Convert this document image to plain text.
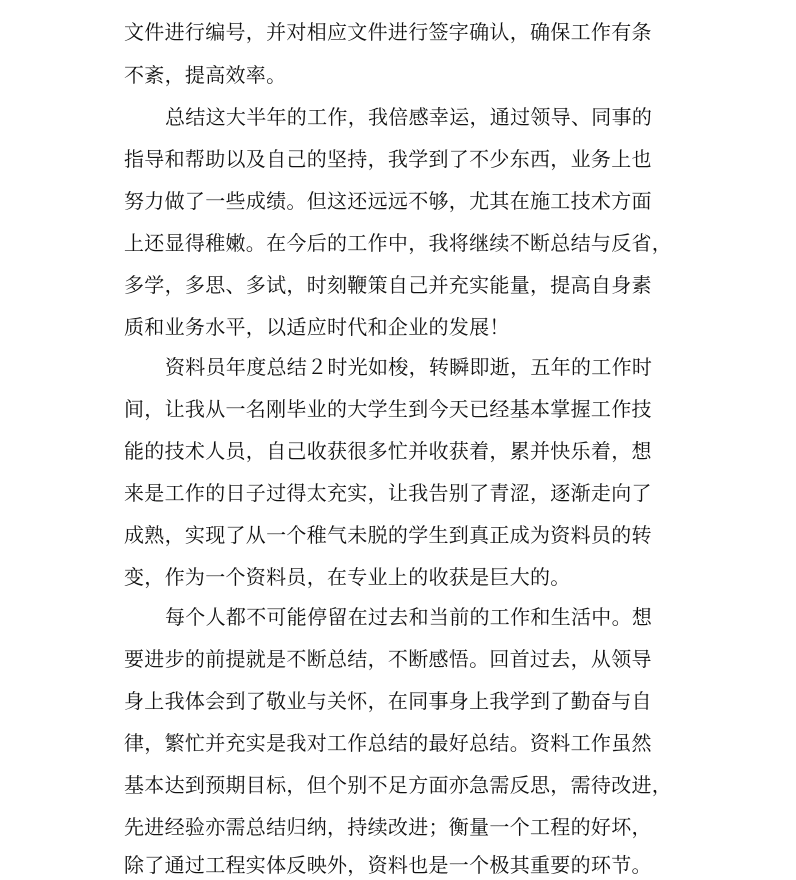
文件进行编号，并对相应文件进行签字确认，确保工作有条
不紊，提高效率。
总结这大半年的工作，我倍感幸运，通过领导、同事的
指导和帮助以及自己的坚持，我学到了不少东西，业务上也
努力做了一些成绩。但这还远远不够，尤其在施工技术方面
上还显得稚嫩。在今后的工作中，我将继续不断总结与反省，
多学，多思、多试，时刻鞭策自己并充实能量，提高自身素
质和业务水平，以适应时代和企业的发展！
资料员年度总结２时光如梭，转瞬即逝，五年的工作时
间，让我从一名刚毕业的大学生到今天已经基本掌握工作技
能的技术人员，自己收获很多忙并收获着，累并快乐着，想
来是工作的日子过得太充实，让我告别了青涩，逐渐走向了
成熟，实现了从一个稚气未脱的学生到真正成为资料员的转
变，作为一个资料员，在专业上的收获是巨大的。
每个人都不可能停留在过去和当前的工作和生活中。想
要进步的前提就是不断总结，不断感悟。回首过去，从领导
身上我体会到了敬业与关怀，在同事身上我学到了勤奋与自
律，繁忙并充实是我对工作总结的最好总结。资料工作虽然
基本达到预期目标，但个别不足方面亦急需反思，需待改进，
先进经验亦需总结归纳，持续改进；衡量一个工程的好坏，
除了通过工程实体反映外，资料也是一个极其重要的环节。
